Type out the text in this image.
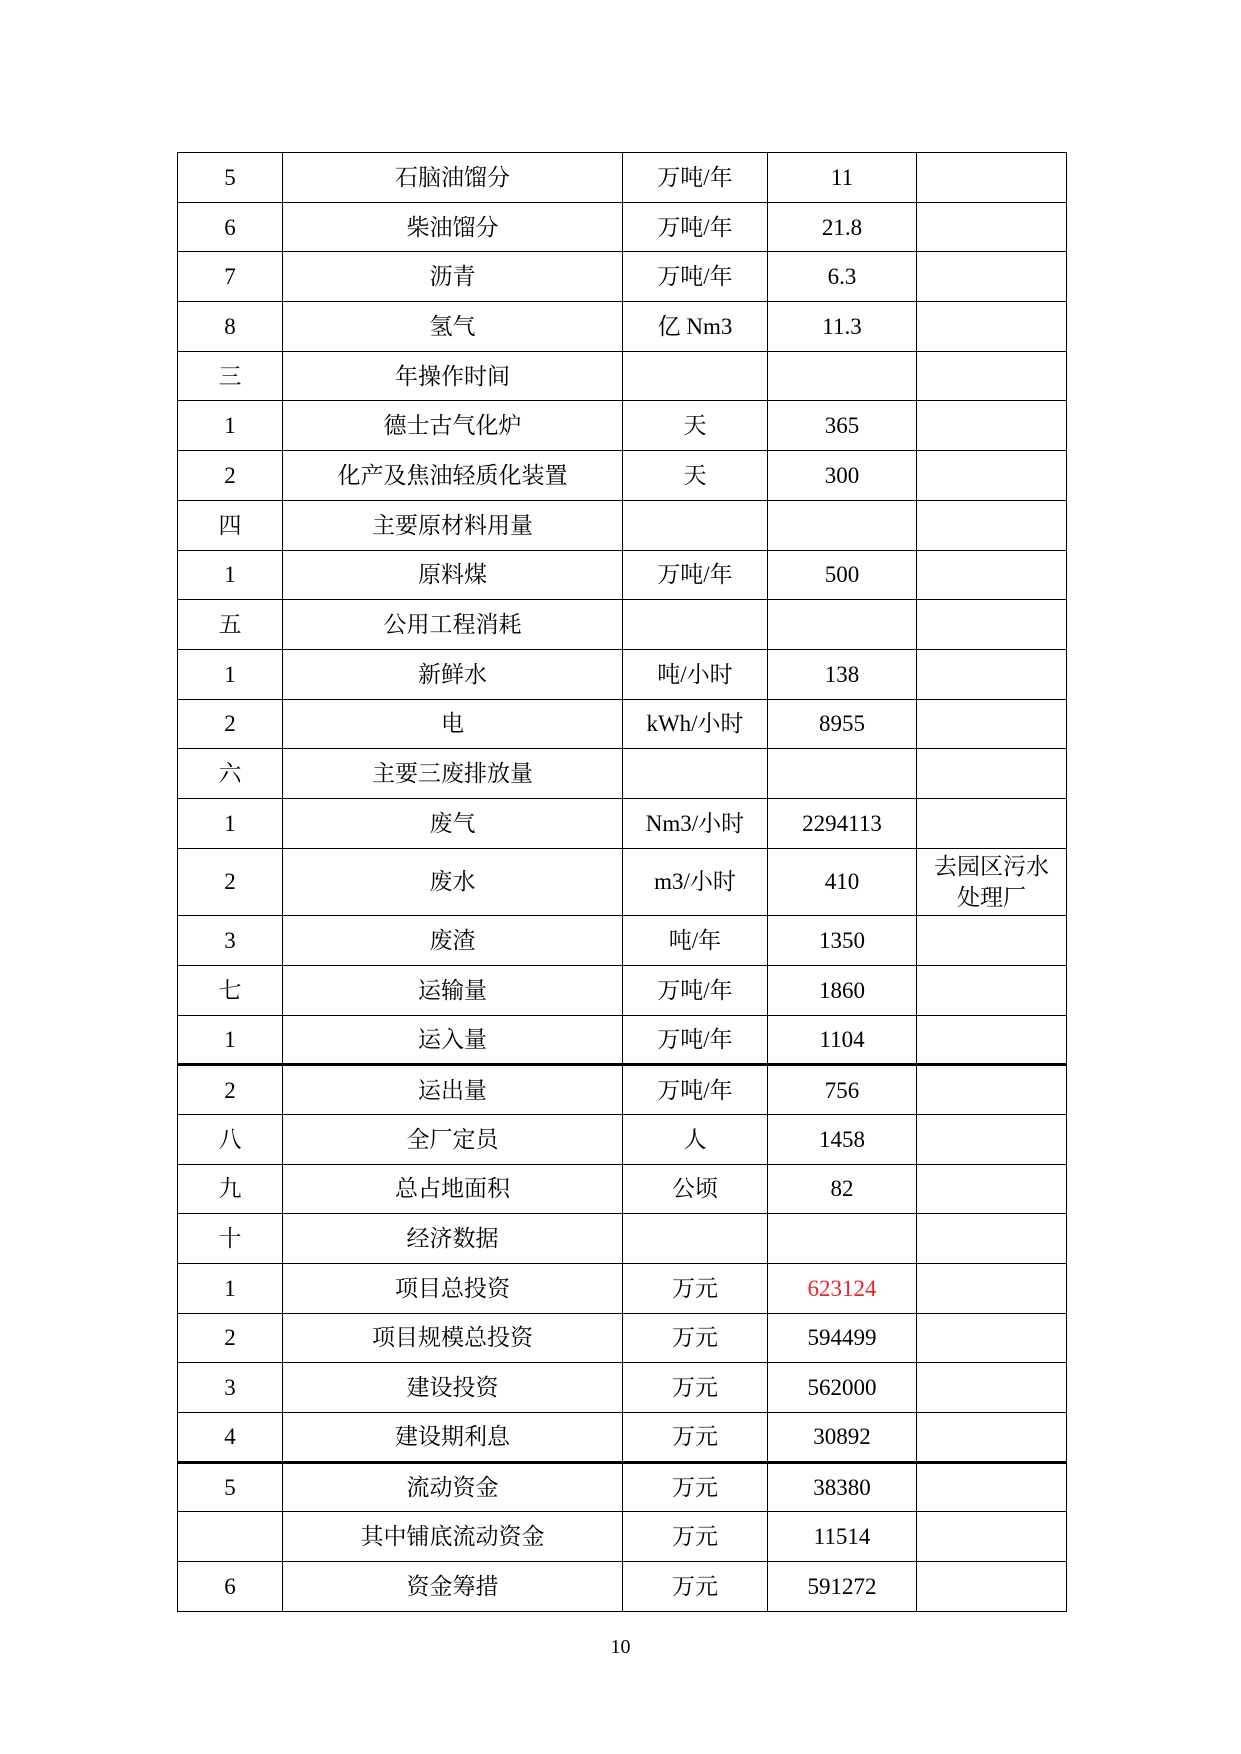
5	石脑油馏分	万吨/年	11	
6	柴油馏分	万吨/年	21.8	
7	沥青	万吨/年	6.3	
8	氢气	亿 Nm3	11.3	
三	年操作时间			
1	德士古气化炉	天	365	
2	化产及焦油轻质化装置	天	300	
四	主要原材料用量			
1	原料煤	万吨/年	500	
五	公用工程消耗			
1	新鲜水	吨/小时	138	
2	电	kWh/小时	8955	
六	主要三废排放量			
1	废气	Nm3/小时	2294113	
2	废水	m3/小时	410	去园区污水处理厂
3	废渣	吨/年	1350	
七	运输量	万吨/年	1860	
1	运入量	万吨/年	1104	
2	运出量	万吨/年	756	
八	全厂定员	人	1458	
九	总占地面积	公顷	82	
十	经济数据			
1	项目总投资	万元	623124	
2	项目规模总投资	万元	594499	
3	建设投资	万元	562000	
4	建设期利息	万元	30892	
5	流动资金	万元	38380	
	其中铺底流动资金	万元	11514	
6	资金筹措	万元	591272	
10
